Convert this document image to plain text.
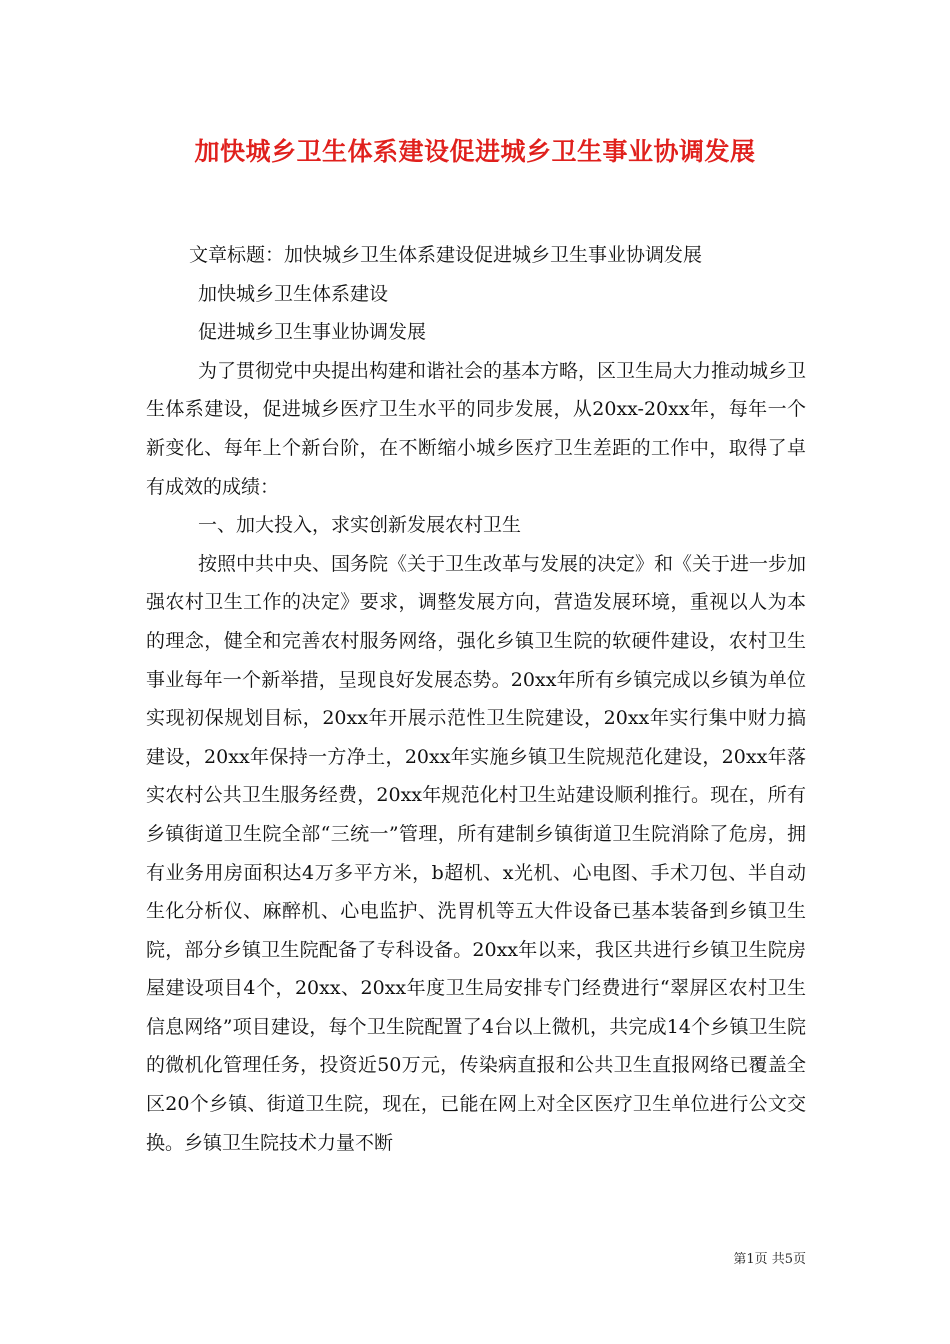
加快城乡卫生体系建设促进城乡卫生事业协调发展

文章标题：加快城乡卫生体系建设促进城乡卫生事业协调发展

加快城乡卫生体系建设

促进城乡卫生事业协调发展

为了贯彻党中央提出构建和谐社会的基本方略，区卫生局大力推动城乡卫生体系建设，促进城乡医疗卫生水平的同步发展，从20xx-20xx年，每年一个新变化、每年上个新台阶，在不断缩小城乡医疗卫生差距的工作中，取得了卓有成效的成绩：

一、加大投入，求实创新发展农村卫生

按照中共中央、国务院《关于卫生改革与发展的决定》和《关于进一步加强农村卫生工作的决定》要求，调整发展方向，营造发展环境，重视以人为本的理念，健全和完善农村服务网络，强化乡镇卫生院的软硬件建设，农村卫生事业每年一个新举措，呈现良好发展态势。20xx年所有乡镇完成以乡镇为单位实现初保规划目标，20xx年开展示范性卫生院建设，20xx年实行集中财力搞建设，20xx年保持一方净土，20xx年实施乡镇卫生院规范化建设，20xx年落实农村公共卫生服务经费，20xx年规范化村卫生站建设顺利推行。现在，所有乡镇街道卫生院全部“三统一”管理，所有建制乡镇街道卫生院消除了危房，拥有业务用房面积达4万多平方米，b超机、x光机、心电图、手术刀包、半自动生化分析仪、麻醉机、心电监护、洗胃机等五大件设备已基本装备到乡镇卫生院，部分乡镇卫生院配备了专科设备。20xx年以来，我区共进行乡镇卫生院房屋建设项目4个，20xx、20xx年度卫生局安排专门经费进行“翠屏区农村卫生信息网络”项目建设，每个卫生院配置了4台以上微机，共完成14个乡镇卫生院的微机化管理任务，投资近50万元，传染病直报和公共卫生直报网络已覆盖全区20个乡镇、街道卫生院，现在，已能在网上对全区医疗卫生单位进行公文交换。乡镇卫生院技术力量不断

第1页 共5页
